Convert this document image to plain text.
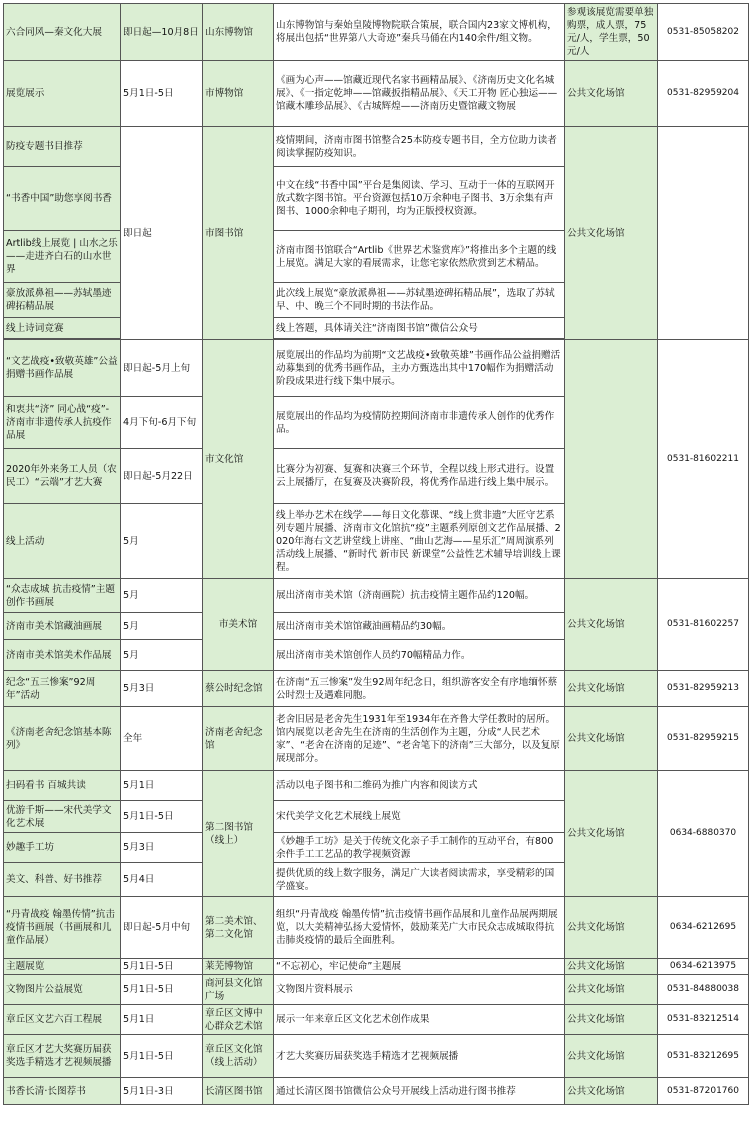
六合同风—秦文化大展	即日起—10月8日	山东博物馆	山东博物馆与秦始皇陵博物院联合策展，联合国内23家文博机构，将展出包括“世界第八大奇迹”秦兵马俑在内140余件/组文物。	参观该展览需要单独购票，成人票，75元/人，学生票，50元/人	0531-85058202
展览展示	5月1日-5日	市博物馆	《画为心声——馆藏近现代名家书画精品展》、《济南历史文化名城展》、《一指定乾坤——馆藏扳指精品展》、《天工开物 匠心独运——馆藏木雕珍品展》、《古城辉煌——济南历史暨馆藏文物展	公共文化场馆	0531-82959204
防疫专题书目推荐	即日起	市图书馆	疫情期间，济南市图书馆整合25本防疫专题书目，全方位助力读者阅读掌握防疫知识。	公共文化场馆	
“书香中国”助您享阅书香			中文在线“书香中国”平台是集阅读、学习、互动于一体的互联网开放式数字图书馆。平台资源包括10万余种电子图书、3万余集有声图书、1000余种电子期刊，均为正版授权资源。		
Artlib线上展览 | 山水之乐——走进齐白石的山水世界			济南市图书馆联合“Artlib《世界艺术鉴赏库》”将推出多个主题的线上展览。满足大家的看展需求，让您宅家依然欣赏到艺术精品。		
豪放派鼻祖——苏轼墨迹碑拓精品展			此次线上展览“豪放派鼻祖——苏轼墨迹碑拓精品展”，选取了苏轼早、中、晚三个不同时期的书法作品。		
线上诗词竞赛			线上答题，具体请关注“济南图书馆”微信公众号		

“文艺战疫•致敬英雄”公益捐赠书画作品展	即日起-5月上旬	市文化馆	展览展出的作品均为前期“文艺战疫•致敬英雄”书画作品公益捐赠活动募集到的优秀书画作品，主办方甄选出其中170幅作为捐赠活动阶段成果进行线下集中展示。		0531-81602211
和衷共“济” 同心战“疫”-济南市非遗传承人抗疫作品展	4月下旬-6月下旬		展览展出的作品均为疫情防控期间济南市非遗传承人创作的优秀作品。		
2020年外来务工人员（农民工）“云端”才艺大赛	即日起-5月22日		比赛分为初赛、复赛和决赛三个环节，全程以线上形式进行。设置云上展播厅，在复赛及决赛阶段，将优秀作品进行线上集中展示。		
线上活动	5月		线上举办艺术在线学——每日文化慕课、“线上赏非遗”大匠守艺系列专题片展播、济南市文化馆抗“疫”主题系列原创文艺作品展播、2020年海右文艺讲堂线上讲座、“曲山艺海——星乐汇”周周演系列活动线上展播、“新时代 新市民 新课堂”公益性艺术辅导培训线上课程。		
“众志成城 抗击疫情”主题创作书画展	5月	市美术馆	展出济南市美术馆（济南画院）抗击疫情主题作品约120幅。	公共文化场馆	0531-81602257
济南市美术馆藏油画展	5月		展出济南市美术馆馆藏油画精品约30幅。		
济南市美术馆美术作品展	5月		展出济南市美术馆创作人员约70幅精品力作。		
纪念“五三惨案”92周年”活动	5月3日	蔡公时纪念馆	在济南“五三惨案”发生92周年纪念日，组织游客安全有序地缅怀蔡公时烈士及遇难同胞。	公共文化场馆	0531-82959213
《济南老舍纪念馆基本陈列》	全年	济南老舍纪念馆	老舍旧居是老舍先生1931年至1934年在齐鲁大学任教时的居所。馆内展览以老舍先生在济南的生活创作为主题，分成“人民艺术家”、“老舍在济南的足迹”、“老舍笔下的济南”三大部分，以及复原展现部分。	公共文化场馆	0531-82959215
扫码看书 百城共读	5月1日	第二图书馆（线上）	活动以电子图书和二维码为推广内容和阅读方式	公共文化场馆	0634-6880370
优游千斯——宋代美学文化艺术展	5月1日-5日		宋代美学文化艺术展线上展览		
妙趣手工坊	5月3日		《妙趣手工坊》是关于传统文化亲子手工制作的互动平台，有800余件手工工艺品的教学视频资源		
美文、科普、好书推荐	5月4日		提供优质的线上数字服务，满足广大读者阅读需求，享受精彩的国学盛宴。		
“丹青战疫 翰墨传情”抗击疫情书画展（书画展和儿童作品展）	即日起-5月中旬	第二美术馆、第二文化馆	组织“丹青战疫 翰墨传情”抗击疫情书画作品展和儿童作品展两期展览，以大美精神弘扬大爱情怀，鼓励莱芜广大市民众志成城取得抗击肺炎疫情的最后全面胜利。	公共文化场馆	0634-6212695
主题展览	5月1日-5日	莱芜博物馆	“不忘初心，牢记使命”主题展	公共文化场馆	0634-6213975
文物图片公益展览	5月1日-5日	商河县文化馆广场	文物图片资料展示	公共文化场馆	0531-84880038
章丘区文艺六百工程展	5月1日	章丘区文博中心群众艺术馆	展示一年来章丘区文化艺术创作成果	公共文化场馆	0531-83212514
章丘区才艺大奖赛历届获奖选手精选才艺视频展播	5月1日-5日	章丘区文化馆（线上活动）	才艺大奖赛历届获奖选手精选才艺视频展播	公共文化场馆	0531-83212695
书香长清·长图荐书	5月1日-3日	长清区图书馆	通过长清区图书馆微信公众号开展线上活动进行图书推荐	公共文化场馆	0531-87201760
